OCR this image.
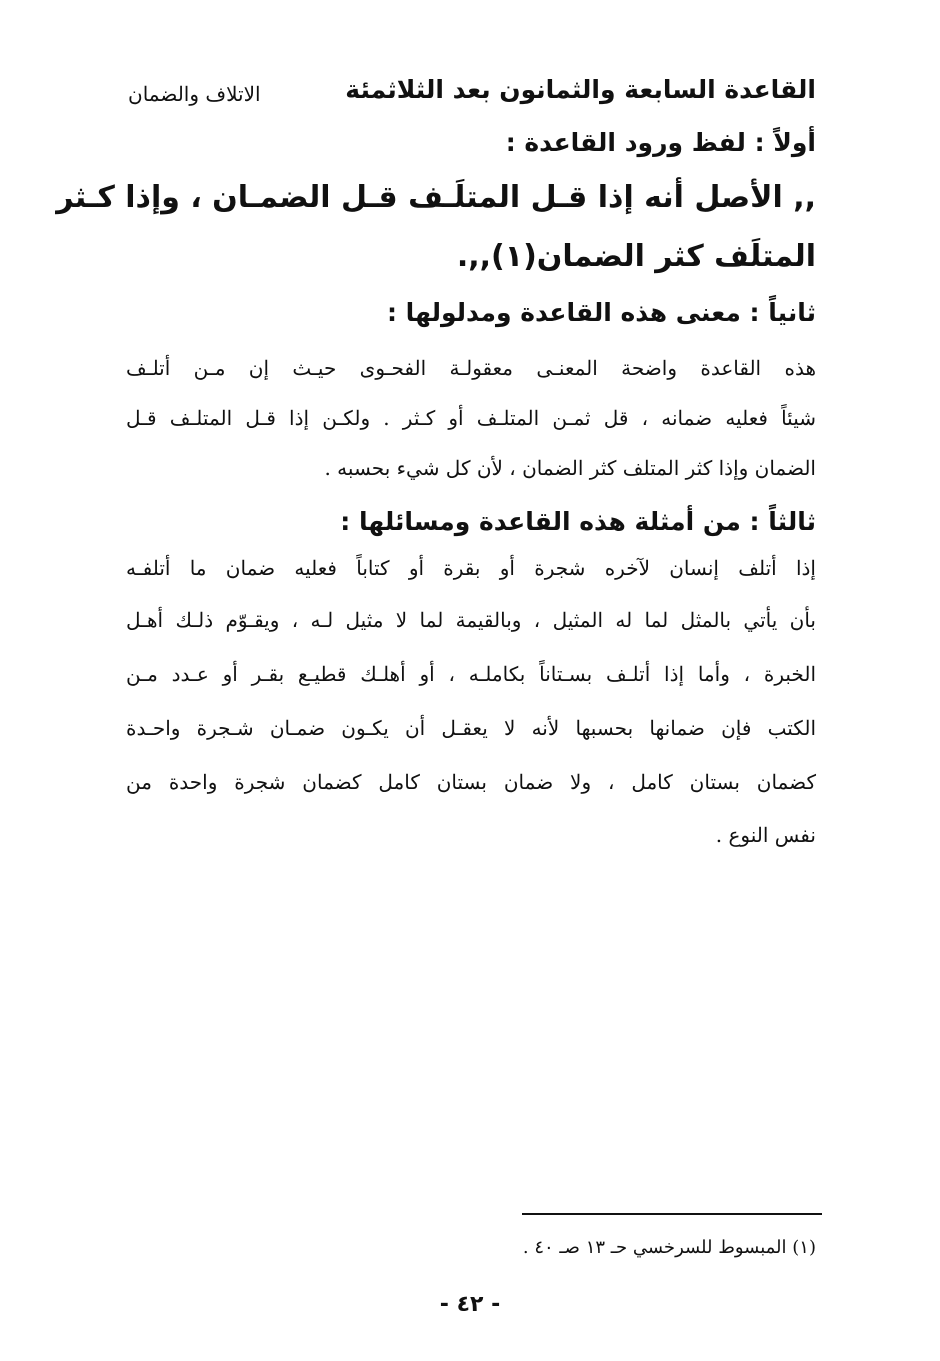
القاعدة السابعة والثمانون بعد الثلاثمئة
الاتلاف والضمان
أولاً : لفظ ورود القاعدة :
,, الأصل أنه إذا قـل المتلَـف قـل الضمـان ، وإذا كـثر
المتلَف كثر الضمان(١),,.
ثانياً : معنى هذه القاعدة ومدلولها :
هذه القاعدة واضحة المعنـى معقولـة الفحـوى حيـث إن مـن أتلـف
شيئاً فعليه ضمانه ، قل ثمـن المتلـف أو كـثر . ولكـن إذا قـل المتلـف قـل
الضمان وإذا كثر المتلف كثر الضمان ، لأن كل شيء بحسبه .
ثالثاً : من أمثلة هذه القاعدة ومسائلها :
إذا أتلف إنسان لآخره شجرة أو بقرة أو كتاباً فعليه ضمان ما أتلفـه
بأن يأتي بالمثل لما له المثيل ، وبالقيمة لما لا مثيل لـه ، ويقـوّم ذلـك أهـل
الخبرة ، وأما إذا أتلـف بسـتاناً بكاملـه ، أو أهلـك قطيـع بقـر أو عـدد مـن
الكتب فإن ضمانها بحسبها لأنه لا يعقـل أن يكـون ضمـان شـجرة واحـدة
كضمان بستان كامل ، ولا ضمان بستان كامل كضمان شجرة واحدة من
نفس النوع .
(١) المبسوط للسرخسي حـ ١٣ صـ ٤٠ .
- ٤٢ -
